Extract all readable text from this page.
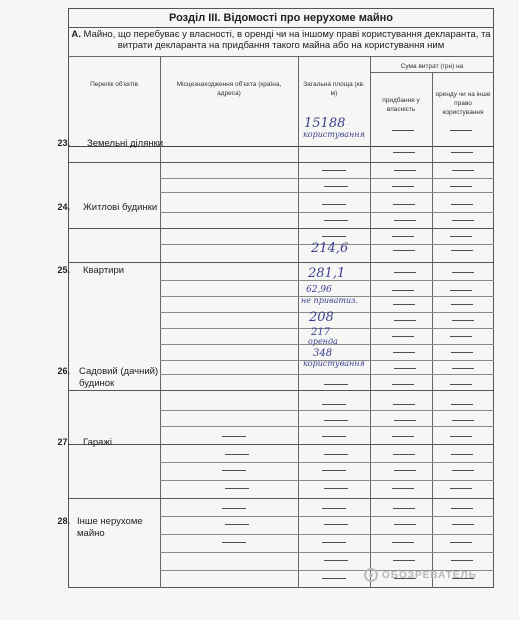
Розділ III. Відомості про нерухоме майно
А. Майно, що перебуває у власності, в оренді чи на іншому праві користування декларанта, та витрати декларанта на придбання такого майна або на користування ним
Перелік об'єктів	Місцезнаходження об'єкта (країна, адреса)
Загальна площа (кв. м)
Сума витрат (грн) на
придбання у власність
оренду чи на інше право користування
23. Земельні ділянки
24. Житлові будинки
25. Квартири
26. Садовий (дачний) будинок
27. Гаражі
28. Інше нерухоме майно
15188
користування
214,6
281,1
62,96
не приватиз.
208
217
оренда
348
користування
ОБОЗРЕВАТЕЛЬ
